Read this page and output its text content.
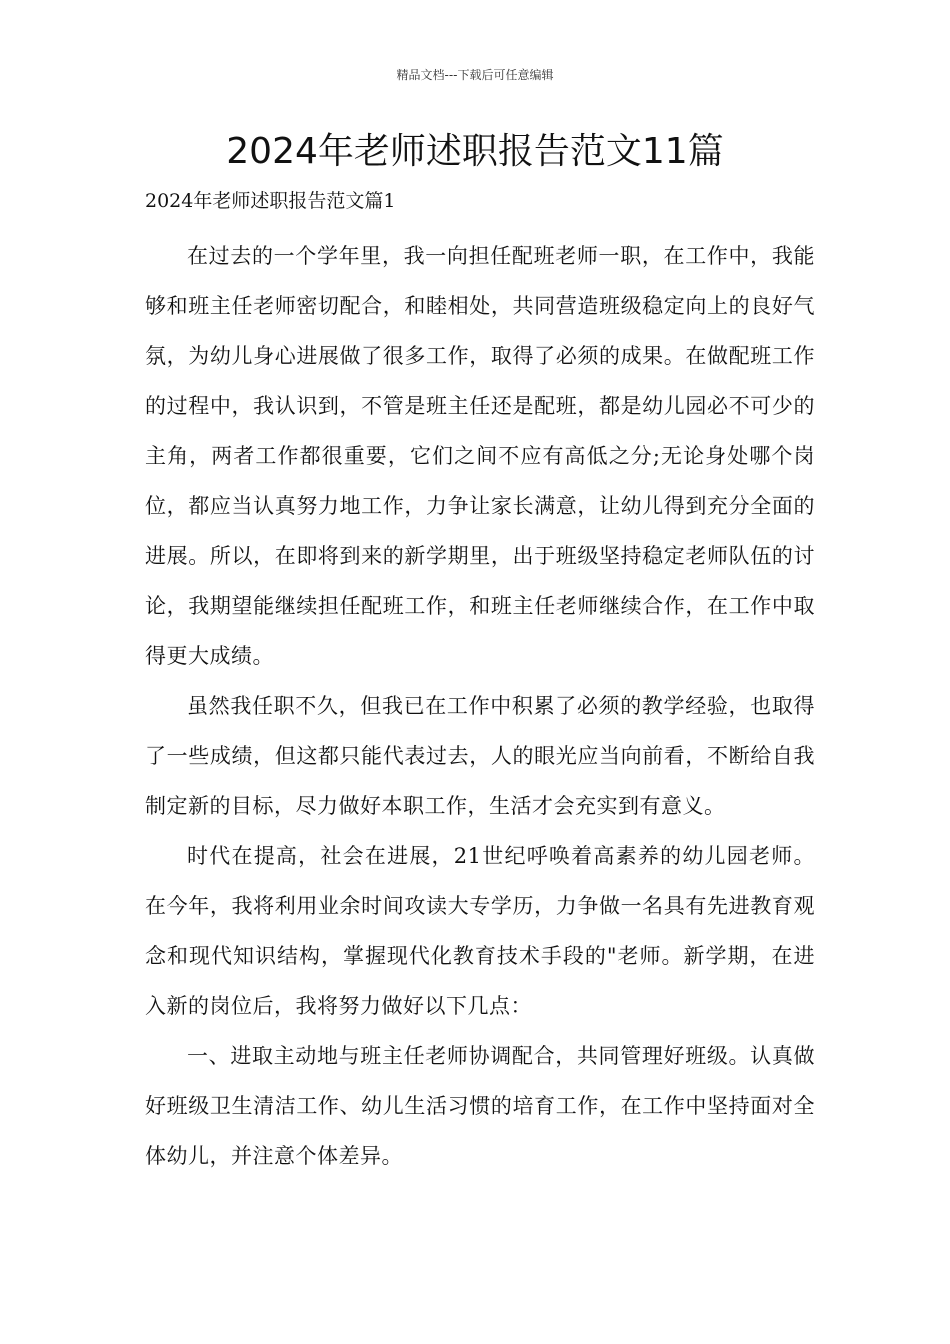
精品文档---下载后可任意编辑
2024年老师述职报告范文11篇
2024年老师述职报告范文篇1

在过去的一个学年里，我一向担任配班老师一职，在工作中，我能够和班主任老师密切配合，和睦相处，共同营造班级稳定向上的良好气氛，为幼儿身心进展做了很多工作，取得了必须的成果。在做配班工作的过程中，我认识到，不管是班主任还是配班，都是幼儿园必不可少的主角，两者工作都很重要，它们之间不应有高低之分;无论身处哪个岗位，都应当认真努力地工作，力争让家长满意，让幼儿得到充分全面的进展。所以，在即将到来的新学期里，出于班级坚持稳定老师队伍的讨论，我期望能继续担任配班工作，和班主任老师继续合作，在工作中取得更大成绩。

虽然我任职不久，但我已在工作中积累了必须的教学经验，也取得了一些成绩，但这都只能代表过去，人的眼光应当向前看，不断给自我制定新的目标，尽力做好本职工作，生活才会充实到有意义。

时代在提高，社会在进展，21世纪呼唤着高素养的幼儿园老师。在今年，我将利用业余时间攻读大专学历，力争做一名具有先进教育观念和现代知识结构，掌握现代化教育技术手段的"老师。新学期，在进入新的岗位后，我将努力做好以下几点：

一、进取主动地与班主任老师协调配合，共同管理好班级。认真做好班级卫生清洁工作、幼儿生活习惯的培育工作，在工作中坚持面对全体幼儿，并注意个体差异。
